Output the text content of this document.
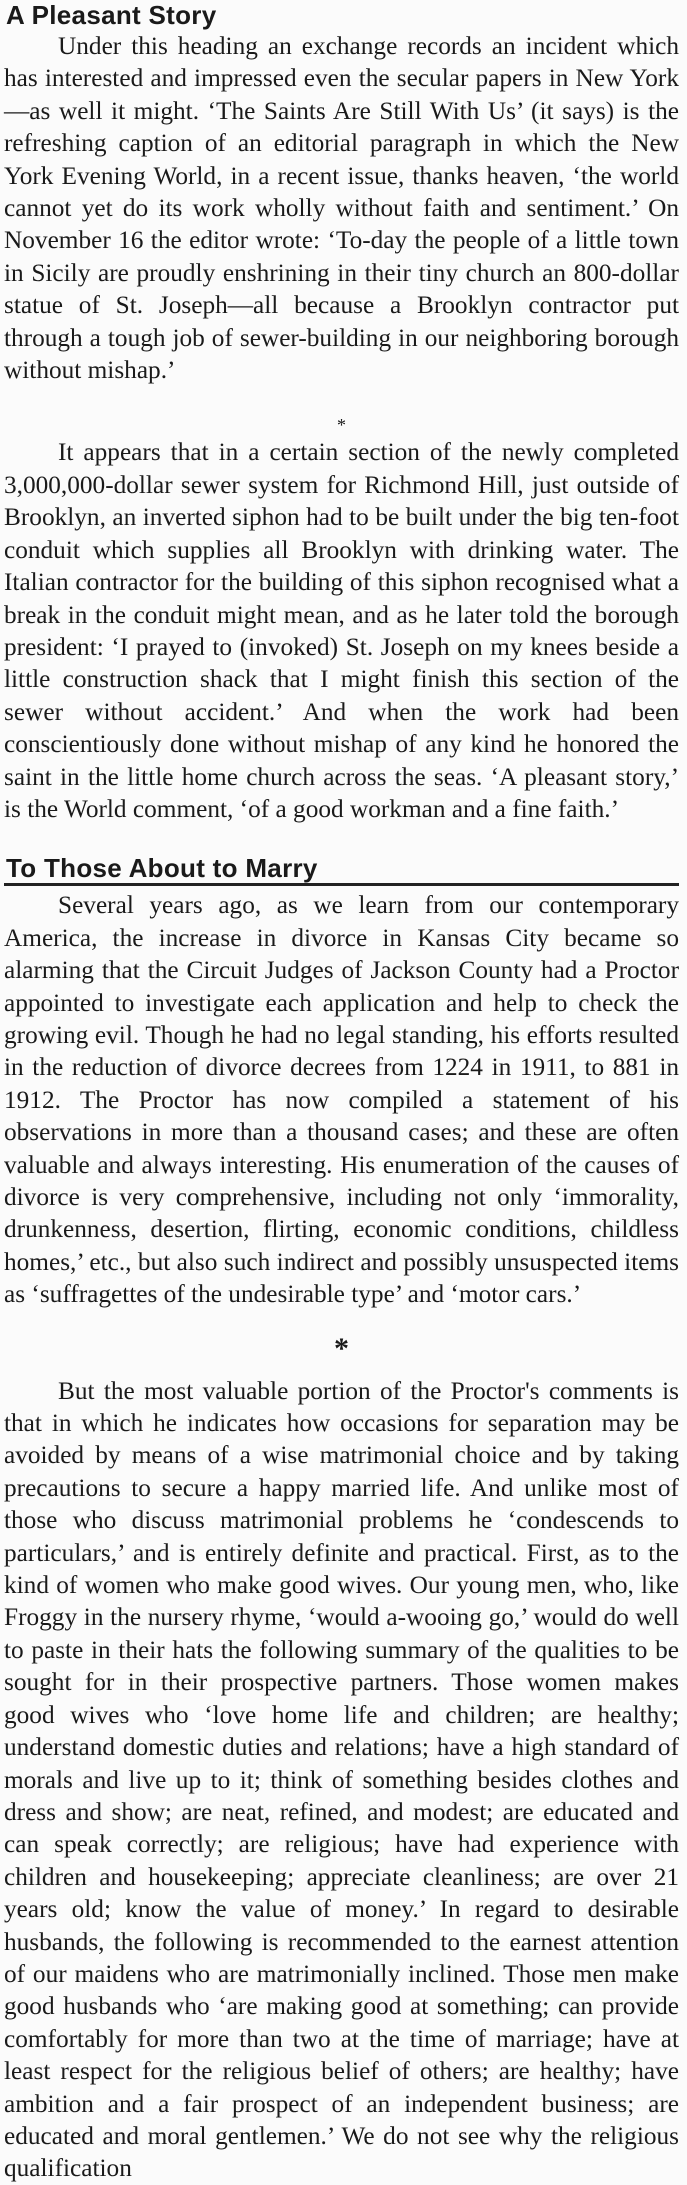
A Pleasant Story

Under this heading an exchange records an incident which has interested and impressed even the secular papers in New York—as well it might. ‘The Saints Are Still With Us’ (it says) is the refreshing caption of an editorial paragraph in which the New York Evening World, in a recent issue, thanks heaven, ‘the world cannot yet do its work wholly without faith and sentiment.’ On November 16 the editor wrote: ‘To-day the people of a little town in Sicily are proudly enshrining in their tiny church an 800-dollar statue of St. Joseph—all because a Brooklyn contractor put through a tough job of sewer-building in our neighboring borough without mishap.’

*

It appears that in a certain section of the newly completed 3,000,000-dollar sewer system for Richmond Hill, just outside of Brooklyn, an inverted siphon had to be built under the big ten-foot conduit which supplies all Brooklyn with drinking water. The Italian contractor for the building of this siphon recognised what a break in the conduit might mean, and as he later told the borough president: ‘I prayed to (invoked) St. Joseph on my knees beside a little construction shack that I might finish this section of the sewer without accident.’ And when the work had been conscientiously done without mishap of any kind he honored the saint in the little home church across the seas. ‘A pleasant story,’ is the World comment, ‘of a good workman and a fine faith.’

To Those About to Marry

Several years ago, as we learn from our contemporary America, the increase in divorce in Kansas City became so alarming that the Circuit Judges of Jackson County had a Proctor appointed to investigate each application and help to check the growing evil. Though he had no legal standing, his efforts resulted in the reduction of divorce decrees from 1224 in 1911, to 881 in 1912. The Proctor has now compiled a statement of his observations in more than a thousand cases; and these are often valuable and always interesting. His enumeration of the causes of divorce is very comprehensive, including not only ‘immorality, drunkenness, desertion, flirting, economic conditions, childless homes,’ etc., but also such indirect and possibly unsuspected items as ‘suffragettes of the undesirable type’ and ‘motor cars.’

*

But the most valuable portion of the Proctor's comments is that in which he indicates how occasions for separation may be avoided by means of a wise matrimonial choice and by taking precautions to secure a happy married life. And unlike most of those who discuss matrimonial problems he ‘condescends to particulars,’ and is entirely definite and practical. First, as to the kind of women who make good wives. Our young men, who, like Froggy in the nursery rhyme, ‘would a-wooing go,’ would do well to paste in their hats the following summary of the qualities to be sought for in their prospective partners. Those women makes good wives who ‘love home life and children; are healthy; understand domestic duties and relations; have a high standard of morals and live up to it; think of something besides clothes and dress and show; are neat, refined, and modest; are educated and can speak correctly; are religious; have had experience with children and housekeeping; appreciate cleanliness; are over 21 years old; know the value of money.’ In regard to desirable husbands, the following is recommended to the earnest attention of our maidens who are matrimonially inclined. Those men make good husbands who ‘are making good at something; can provide comfortably for more than two at the time of marriage; have at least respect for the religious belief of others; are healthy; have ambition and a fair prospect of an independent business; are educated and moral gentlemen.’ We do not see why the religious qualification
